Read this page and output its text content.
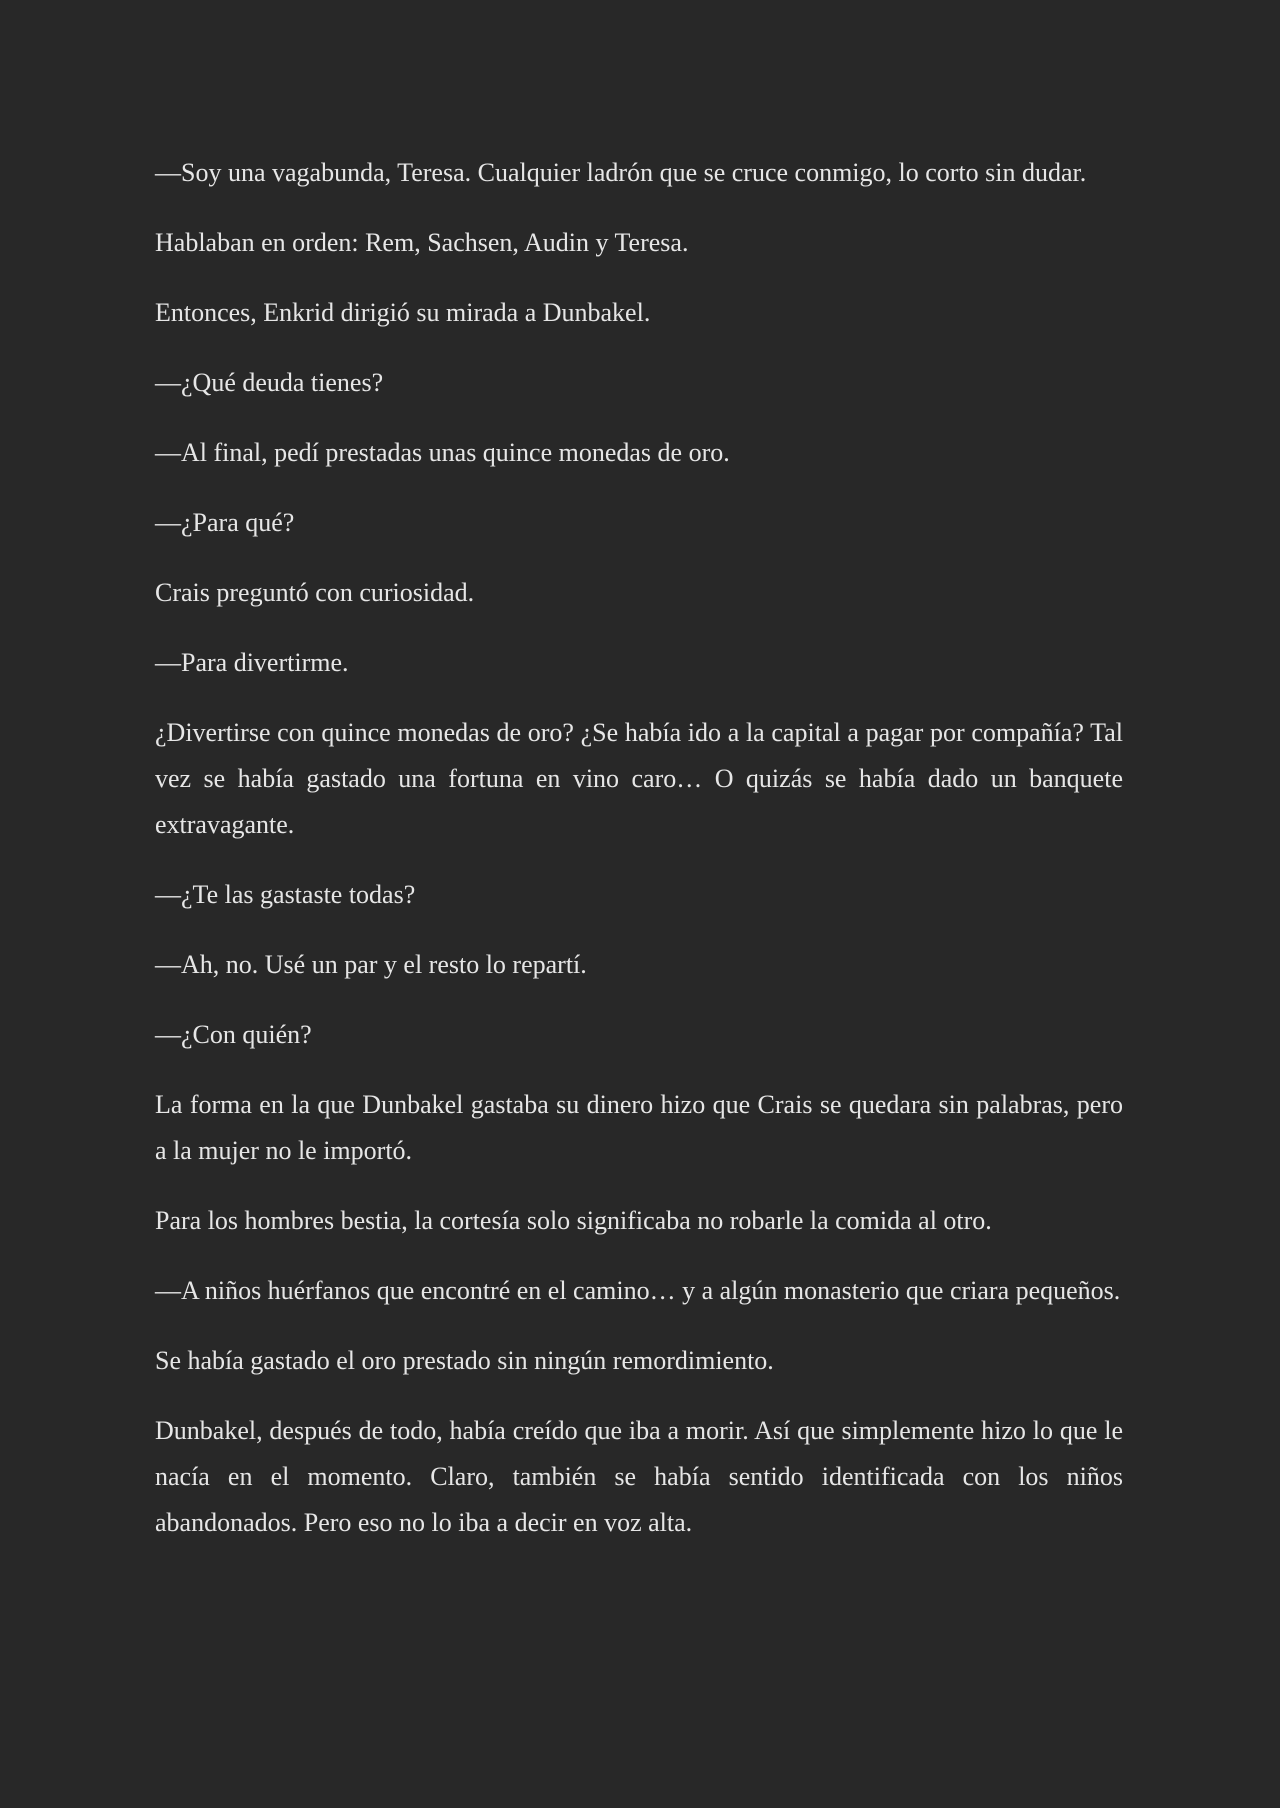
—Soy una vagabunda, Teresa. Cualquier ladrón que se cruce conmigo, lo corto sin dudar.

Hablaban en orden: Rem, Sachsen, Audin y Teresa.

Entonces, Enkrid dirigió su mirada a Dunbakel.

—¿Qué deuda tienes?

—Al final, pedí prestadas unas quince monedas de oro.

—¿Para qué?

Crais preguntó con curiosidad.

—Para divertirme.

¿Divertirse con quince monedas de oro? ¿Se había ido a la capital a pagar por compañía? Tal vez se había gastado una fortuna en vino caro… O quizás se había dado un banquete extravagante.

—¿Te las gastaste todas?

—Ah, no. Usé un par y el resto lo repartí.

—¿Con quién?

La forma en la que Dunbakel gastaba su dinero hizo que Crais se quedara sin palabras, pero a la mujer no le importó.

Para los hombres bestia, la cortesía solo significaba no robarle la comida al otro.

—A niños huérfanos que encontré en el camino… y a algún monasterio que criara pequeños.

Se había gastado el oro prestado sin ningún remordimiento.

Dunbakel, después de todo, había creído que iba a morir. Así que simplemente hizo lo que le nacía en el momento. Claro, también se había sentido identificada con los niños abandonados. Pero eso no lo iba a decir en voz alta.
